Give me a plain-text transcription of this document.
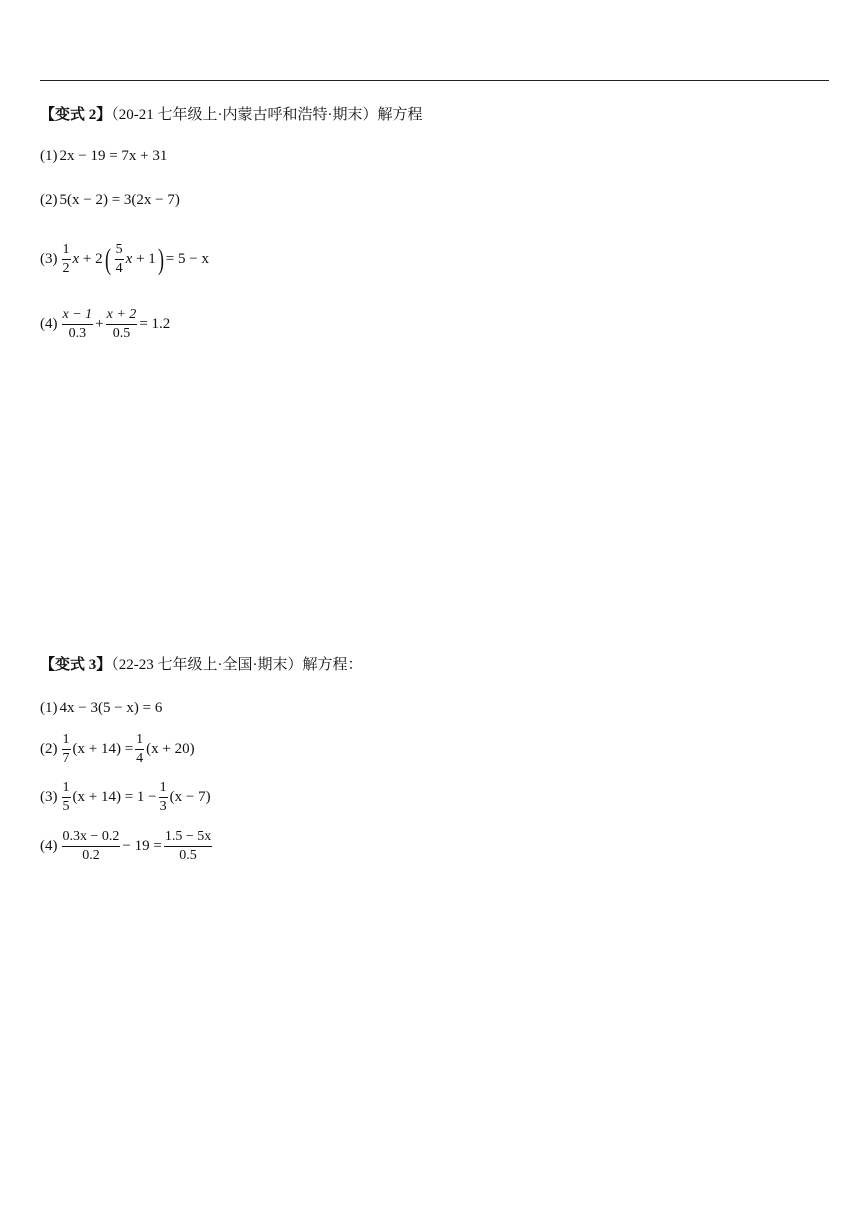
【变式 2】（20-21 七年级上·内蒙古呼和浩特·期末）解方程
(1) 2x − 19 = 7x + 31
(2) 5(x − 2) = 3(2x − 7)
$(3) \frac{1}{2}$ x + 2 ( $\frac{5}{4}$ x + 1 ) = 5 − x
$(4) \frac{x - 1}{0.3} + \frac{x + 2}{0.5} = 1.2$
【变式 3】（22-23 七年级上·全国·期末）解方程：
(1) 4x − 3(5 − x) = 6
$(2) \frac{1}{7} (x + 14) = \frac{1}{4} (x + 20)$
$(3) \frac{1}{5} (x + 14) = 1 - \frac{1}{3} (x - 7)$
$(4) \frac{0.3x - 0.2}{0.2} - 19 = \frac{1.5 - 5x}{0.5}$
